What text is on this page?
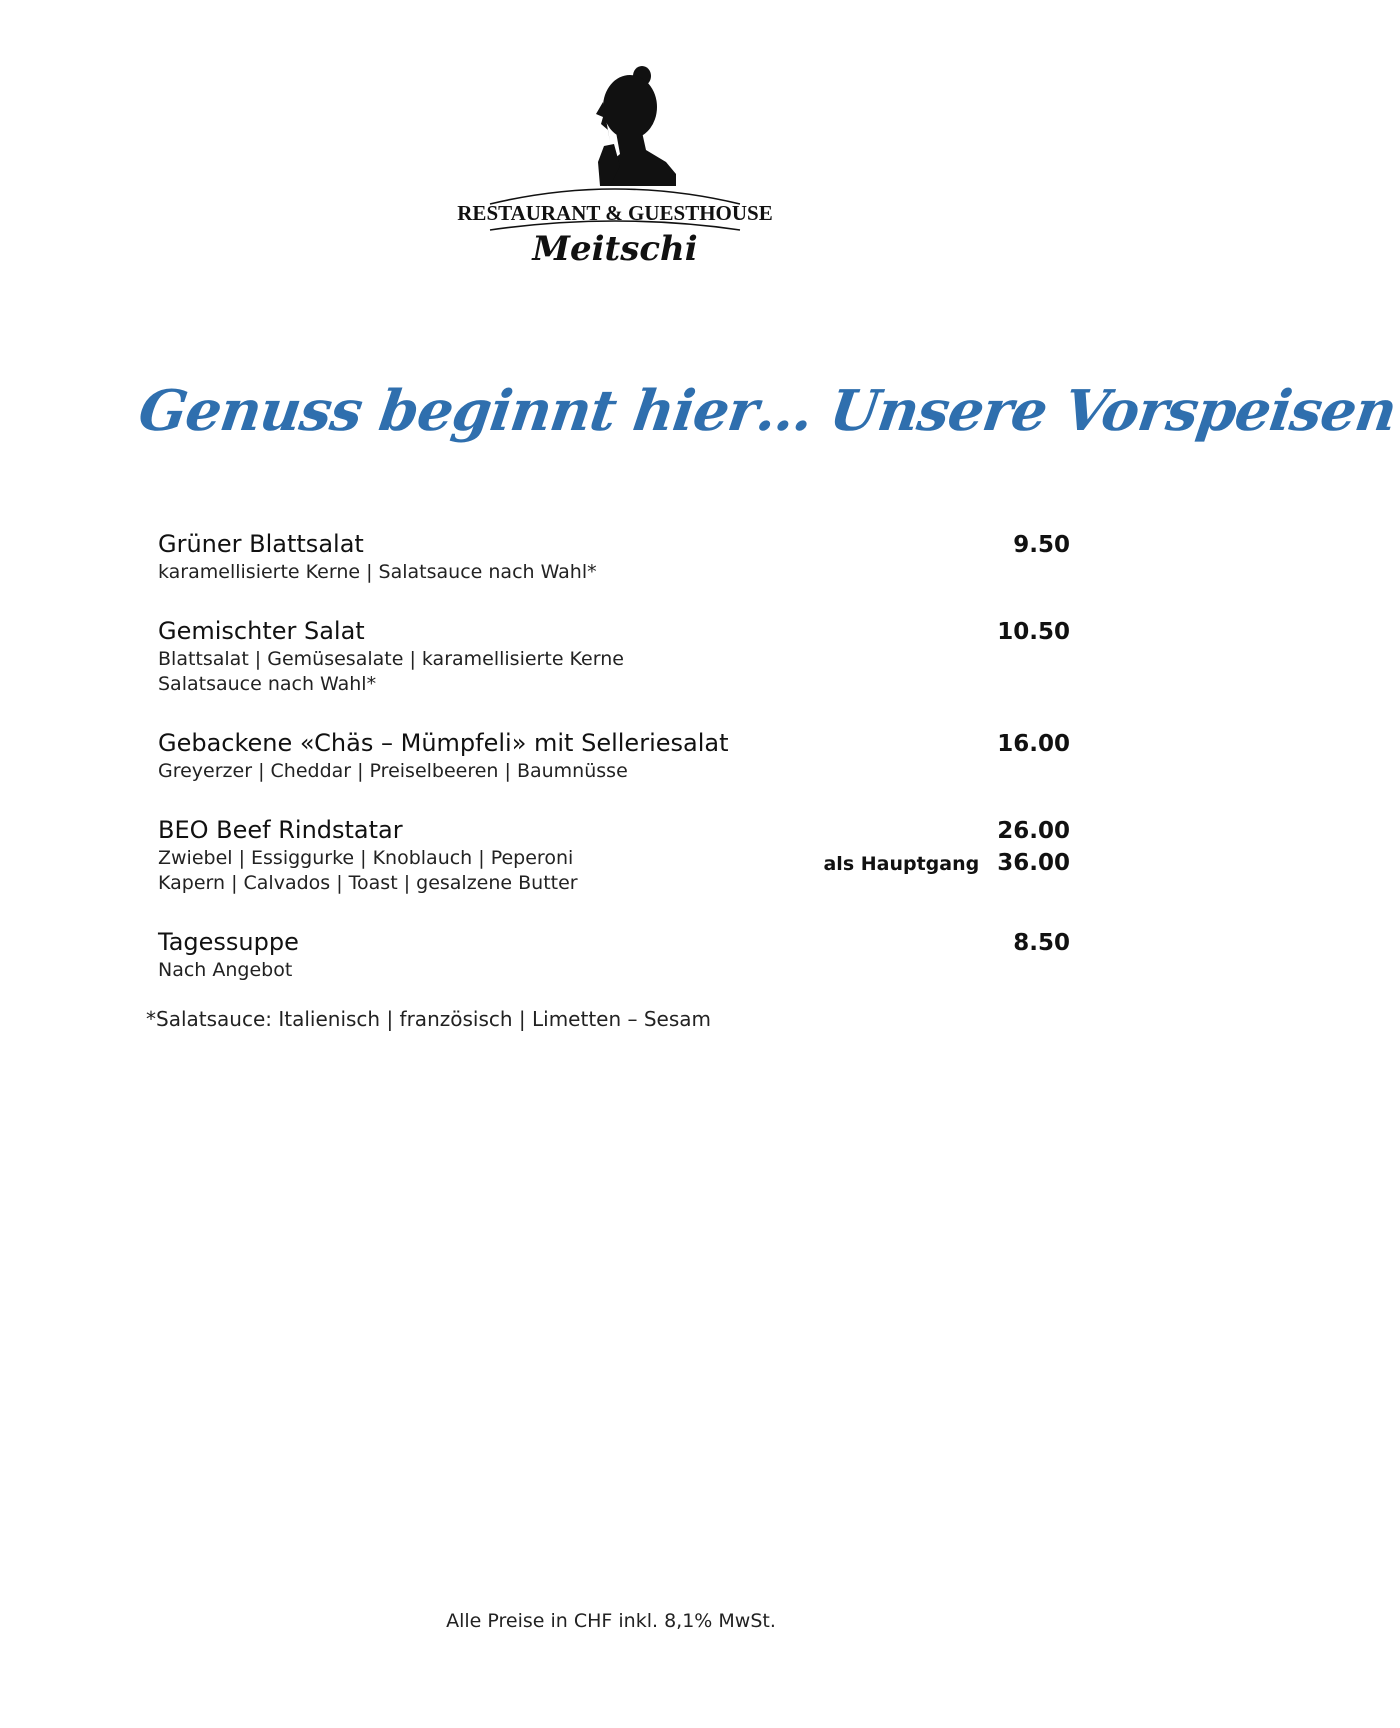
RESTAURANT & GUESTHOUSE
Meitschi
Genuss beginnt hier… Unsere Vorspeisen
Grüner Blattsalat
karamellisierte Kerne | Salatsauce nach Wahl*
9.50
Gemischter Salat
Blattsalat | Gemüsesalate | karamellisierte Kerne
Salatsauce nach Wahl*
10.50
Gebackene «Chäs – Mümpfeli» mit Selleriesalat
Greyerzer | Cheddar | Preiselbeeren | Baumnüsse
16.00
BEO Beef Rindstatar
Zwiebel | Essiggurke | Knoblauch | Peperoni
Kapern | Calvados | Toast | gesalzene Butter
26.00
als Hauptgang 36.00
Tagessuppe
Nach Angebot
8.50
*Salatsauce: Italienisch | französisch | Limetten – Sesam
Alle Preise in CHF inkl. 8,1% MwSt.
